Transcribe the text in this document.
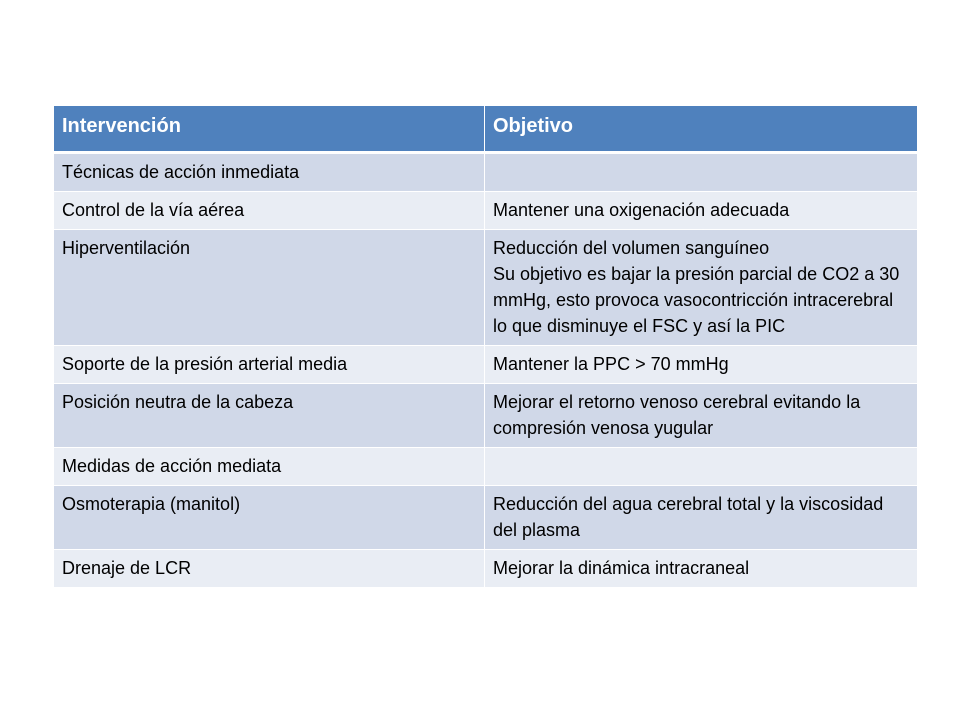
Intervención	Objetivo
Técnicas de acción inmediata	
Control de la vía aérea	Mantener una oxigenación adecuada

Hiperventilación	Reducción del volumen sanguíneo
Su objetivo es bajar la presión parcial de CO2 a 30 mmHg, esto provoca vasocontricción intracerebral lo que disminuye el FSC y así la PIC

Soporte de la presión arterial media	Mantener la PPC > 70 mmHg

Posición neutra de la cabeza	Mejorar el retorno venoso cerebral evitando la compresión venosa yugular

Medidas de acción mediata	
Osmoterapia (manitol)	Reducción del agua cerebral total y la viscosidad del plasma

Drenaje de LCR	Mejorar la dinámica intracraneal
